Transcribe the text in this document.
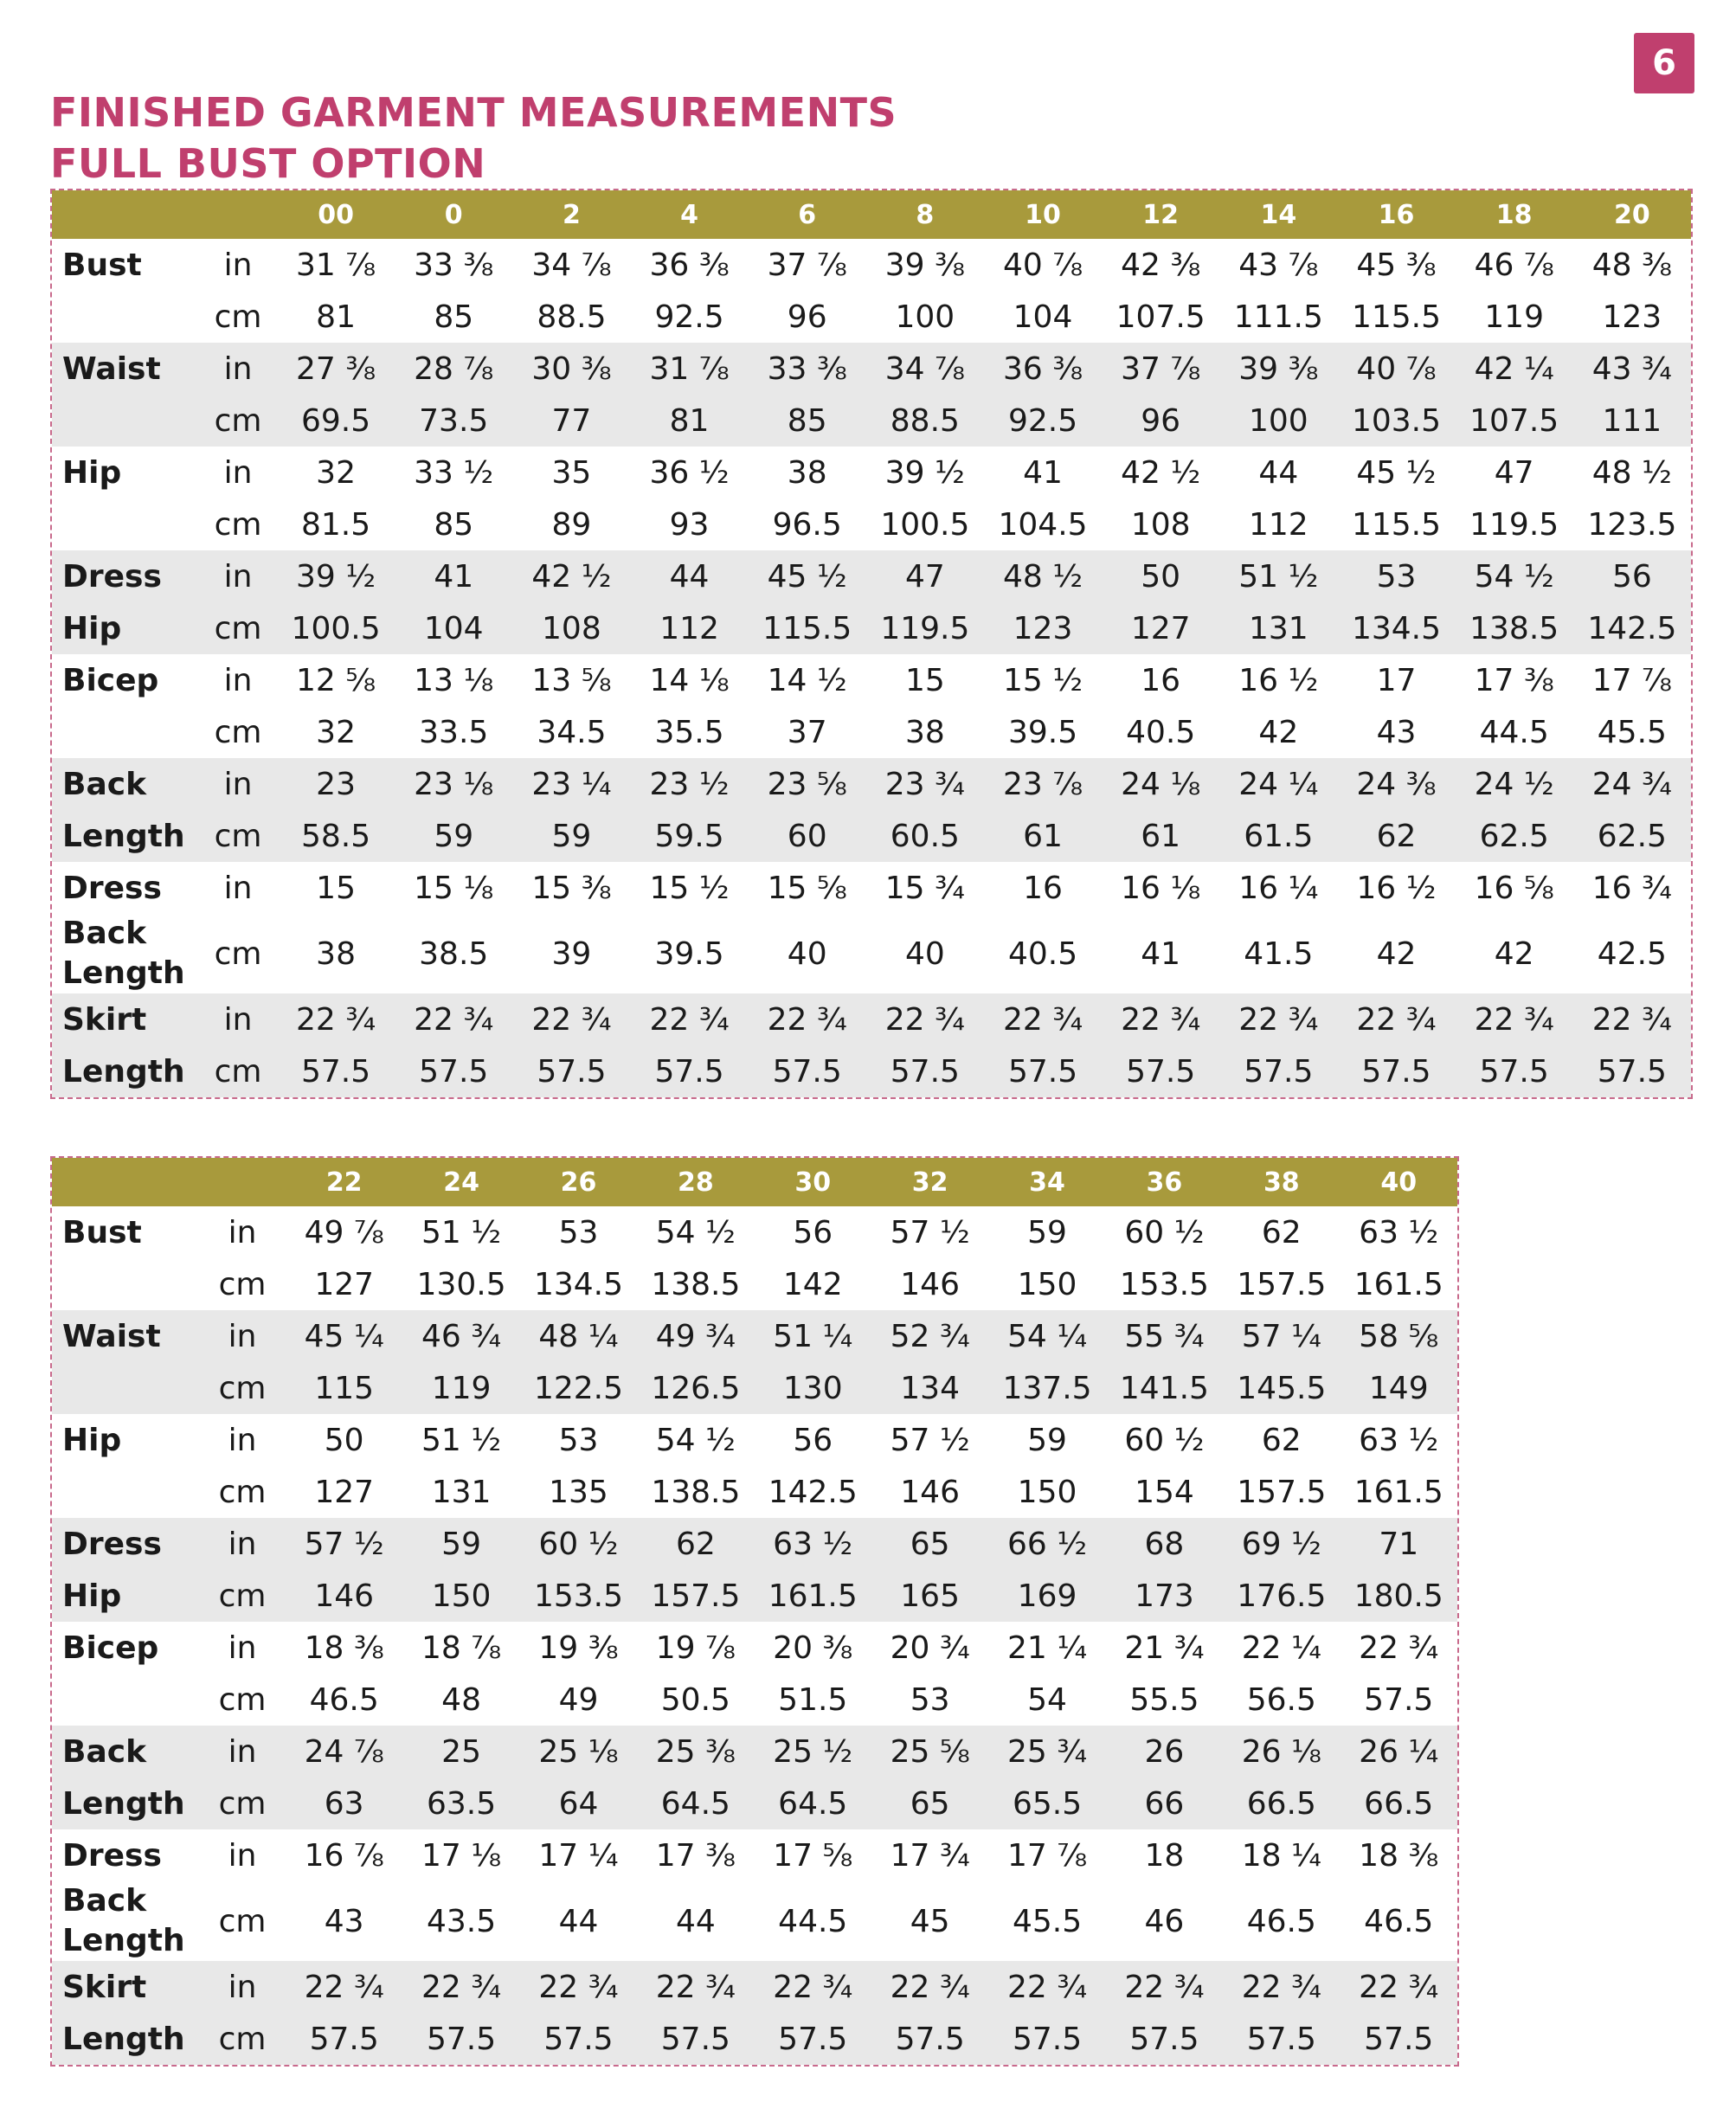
6
FINISHED GARMENT MEASUREMENTS
FULL BUST OPTION
		00	0	2	4	6	8	10	12	14	16	18	20
Bust	in	31 ⅞	33 ⅜	34 ⅞	36 ⅜	37 ⅞	39 ⅜	40 ⅞	42 ⅜	43 ⅞	45 ⅜	46 ⅞	48 ⅜
	cm	81	85	88.5	92.5	96	100	104	107.5	111.5	115.5	119	123
Waist	in	27 ⅜	28 ⅞	30 ⅜	31 ⅞	33 ⅜	34 ⅞	36 ⅜	37 ⅞	39 ⅜	40 ⅞	42 ¼	43 ¾
	cm	69.5	73.5	77	81	85	88.5	92.5	96	100	103.5	107.5	111
Hip	in	32	33 ½	35	36 ½	38	39 ½	41	42 ½	44	45 ½	47	48 ½
	cm	81.5	85	89	93	96.5	100.5	104.5	108	112	115.5	119.5	123.5
Dress	in	39 ½	41	42 ½	44	45 ½	47	48 ½	50	51 ½	53	54 ½	56
Hip	cm	100.5	104	108	112	115.5	119.5	123	127	131	134.5	138.5	142.5
Bicep	in	12 ⅝	13 ⅛	13 ⅝	14 ⅛	14 ½	15	15 ½	16	16 ½	17	17 ⅜	17 ⅞
	cm	32	33.5	34.5	35.5	37	38	39.5	40.5	42	43	44.5	45.5
Back	in	23	23 ⅛	23 ¼	23 ½	23 ⅝	23 ¾	23 ⅞	24 ⅛	24 ¼	24 ⅜	24 ½	24 ¾
Length	cm	58.5	59	59	59.5	60	60.5	61	61	61.5	62	62.5	62.5
Dress	in	15	15 ⅛	15 ⅜	15 ½	15 ⅝	15 ¾	16	16 ⅛	16 ¼	16 ½	16 ⅝	16 ¾
Back Length	cm	38	38.5	39	39.5	40	40	40.5	41	41.5	42	42	42.5
Skirt	in	22 ¾	22 ¾	22 ¾	22 ¾	22 ¾	22 ¾	22 ¾	22 ¾	22 ¾	22 ¾	22 ¾	22 ¾
Length	cm	57.5	57.5	57.5	57.5	57.5	57.5	57.5	57.5	57.5	57.5	57.5	57.5
		22	24	26	28	30	32	34	36	38	40
Bust	in	49 ⅞	51 ½	53	54 ½	56	57 ½	59	60 ½	62	63 ½
	cm	127	130.5	134.5	138.5	142	146	150	153.5	157.5	161.5
Waist	in	45 ¼	46 ¾	48 ¼	49 ¾	51 ¼	52 ¾	54 ¼	55 ¾	57 ¼	58 ⅝
	cm	115	119	122.5	126.5	130	134	137.5	141.5	145.5	149
Hip	in	50	51 ½	53	54 ½	56	57 ½	59	60 ½	62	63 ½
	cm	127	131	135	138.5	142.5	146	150	154	157.5	161.5
Dress	in	57 ½	59	60 ½	62	63 ½	65	66 ½	68	69 ½	71
Hip	cm	146	150	153.5	157.5	161.5	165	169	173	176.5	180.5
Bicep	in	18 ⅜	18 ⅞	19 ⅜	19 ⅞	20 ⅜	20 ¾	21 ¼	21 ¾	22 ¼	22 ¾
	cm	46.5	48	49	50.5	51.5	53	54	55.5	56.5	57.5
Back	in	24 ⅞	25	25 ⅛	25 ⅜	25 ½	25 ⅝	25 ¾	26	26 ⅛	26 ¼
Length	cm	63	63.5	64	64.5	64.5	65	65.5	66	66.5	66.5
Dress	in	16 ⅞	17 ⅛	17 ¼	17 ⅜	17 ⅝	17 ¾	17 ⅞	18	18 ¼	18 ⅜
Back Length	cm	43	43.5	44	44	44.5	45	45.5	46	46.5	46.5
Skirt	in	22 ¾	22 ¾	22 ¾	22 ¾	22 ¾	22 ¾	22 ¾	22 ¾	22 ¾	22 ¾
Length	cm	57.5	57.5	57.5	57.5	57.5	57.5	57.5	57.5	57.5	57.5
